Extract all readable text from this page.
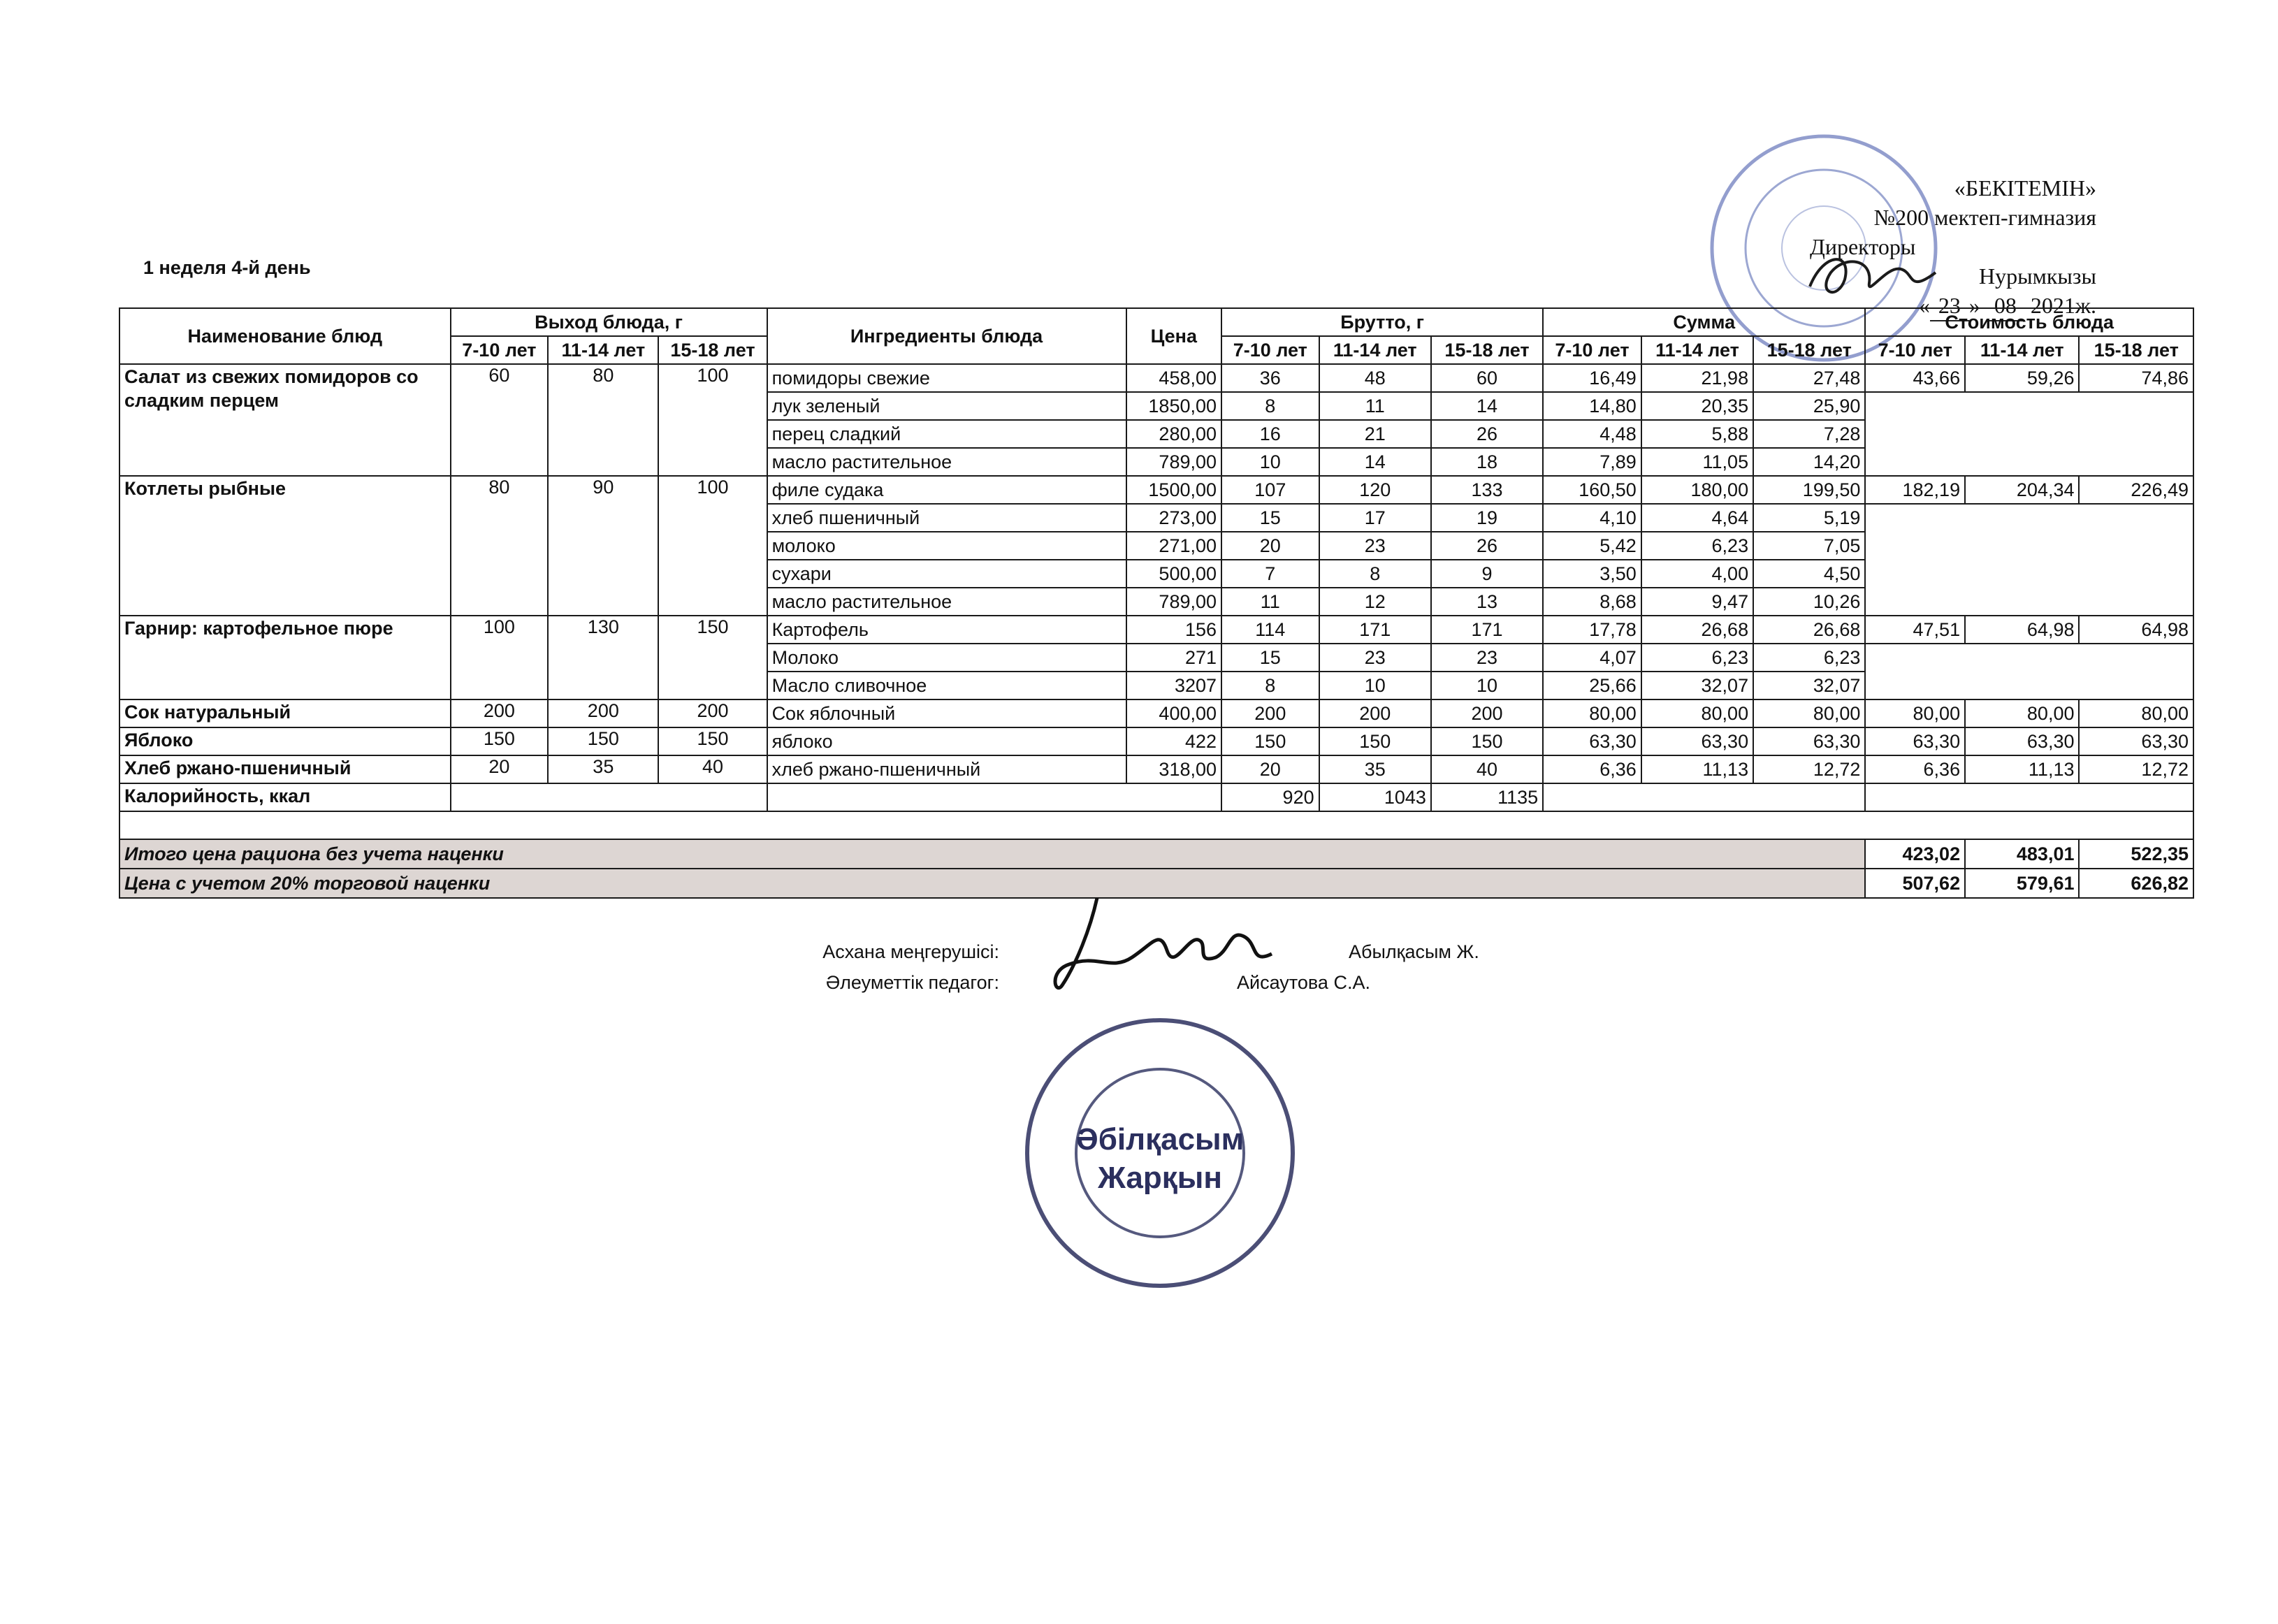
«БЕКІТЕМІН»
№200 мектеп-гимназия
Директоры
Нурымкызы
« 23 » 08 2021ж.
1 неделя 4-й день
Наименование блюд	Выход блюда, г			Ингредиенты блюда	Цена	Брутто, г			Сумма			Стоимость блюда		
	7-10 лет	11-14 лет	15-18 лет			7-10 лет	11-14 лет	15-18 лет	7-10 лет	11-14 лет	15-18 лет	7-10 лет	11-14 лет	15-18 лет
Салат из свежих помидоров со сладким перцем	60	80	100	помидоры свежие	458,00	36	48	60	16,49	21,98	27,48	43,66	59,26	74,86
				лук зеленый	1850,00	8	11	14	14,80	20,35	25,90			
				перец сладкий	280,00	16	21	26	4,48	5,88	7,28			
				масло растительное	789,00	10	14	18	7,89	11,05	14,20			
Котлеты рыбные	80	90	100	филе судака	1500,00	107	120	133	160,50	180,00	199,50	182,19	204,34	226,49
				хлеб пшеничный	273,00	15	17	19	4,10	4,64	5,19			
				молоко	271,00	20	23	26	5,42	6,23	7,05			
				сухари	500,00	7	8	9	3,50	4,00	4,50			
				масло растительное	789,00	11	12	13	8,68	9,47	10,26			
Гарнир: картофельное пюре	100	130	150	Картофель	156	114	171	171	17,78	26,68	26,68	47,51	64,98	64,98
				Молоко	271	15	23	23	4,07	6,23	6,23			
				Масло сливочное	3207	8	10	10	25,66	32,07	32,07			
Сок натуральный	200	200	200	Сок яблочный	400,00	200	200	200	80,00	80,00	80,00	80,00	80,00	80,00
Яблоко	150	150	150	яблоко	422	150	150	150	63,30	63,30	63,30	63,30	63,30	63,30
Хлеб ржано-пшеничный	20	35	40	хлеб ржано-пшеничный	318,00	20	35	40	6,36	11,13	12,72	6,36	11,13	12,72
Калорийность, ккал						920	1043	1135						

Итого цена рациона без учета наценки												423,02	483,01	522,35
Цена с учетом 20% торговой наценки												507,62	579,61	626,82
Асхана меңгерушісі:	Абылқасым Ж.
Әлеуметтік педагог:	Айсаутова С.А.
Әбілқасым
Жарқын
